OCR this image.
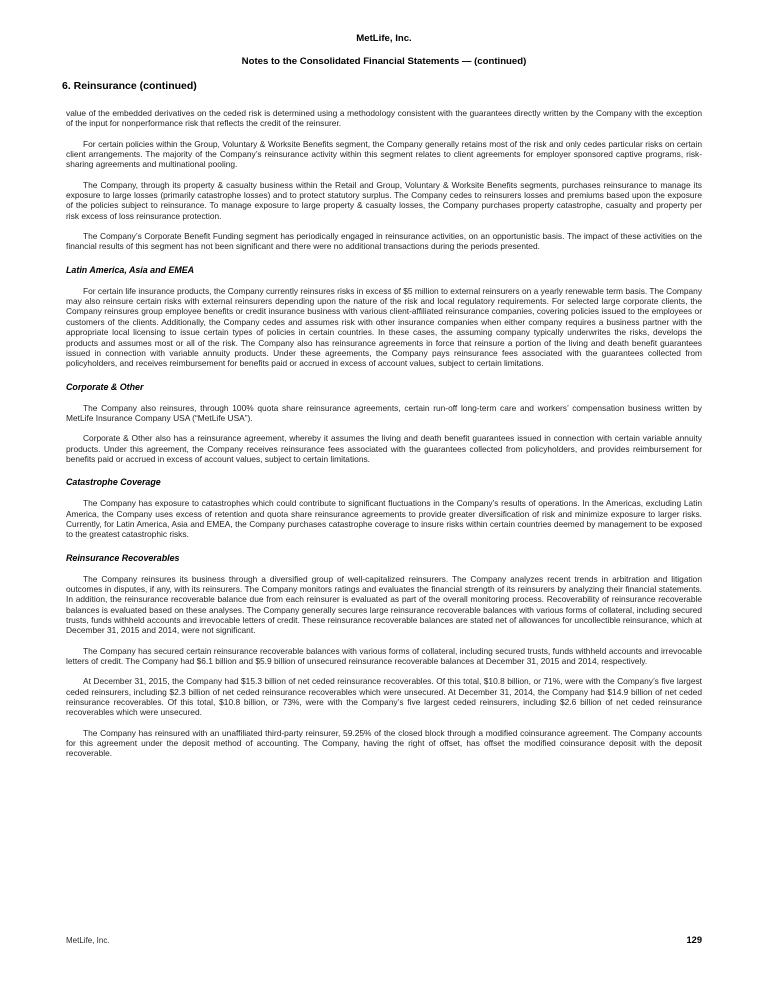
MetLife, Inc.
Notes to the Consolidated Financial Statements — (continued)
6. Reinsurance (continued)

value of the embedded derivatives on the ceded risk is determined using a methodology consistent with the guarantees directly written by the Company with the exception of the input for nonperformance risk that reflects the credit of the reinsurer.

For certain policies within the Group, Voluntary & Worksite Benefits segment, the Company generally retains most of the risk and only cedes particular risks on certain client arrangements. The majority of the Company’s reinsurance activity within this segment relates to client agreements for employer sponsored captive programs, risk-sharing agreements and multinational pooling.

The Company, through its property & casualty business within the Retail and Group, Voluntary & Worksite Benefits segments, purchases reinsurance to manage its exposure to large losses (primarily catastrophe losses) and to protect statutory surplus. The Company cedes to reinsurers losses and premiums based upon the exposure of the policies subject to reinsurance. To manage exposure to large property & casualty losses, the Company purchases property catastrophe, casualty and property per risk excess of loss reinsurance protection.

The Company’s Corporate Benefit Funding segment has periodically engaged in reinsurance activities, on an opportunistic basis. The impact of these activities on the financial results of this segment has not been significant and there were no additional transactions during the periods presented.

Latin America, Asia and EMEA

For certain life insurance products, the Company currently reinsures risks in excess of $5 million to external reinsurers on a yearly renewable term basis. The Company may also reinsure certain risks with external reinsurers depending upon the nature of the risk and local regulatory requirements. For selected large corporate clients, the Company reinsures group employee benefits or credit insurance business with various client-affiliated reinsurance companies, covering policies issued to the employees or customers of the clients. Additionally, the Company cedes and assumes risk with other insurance companies when either company requires a business partner with the appropriate local licensing to issue certain types of policies in certain countries. In these cases, the assuming company typically underwrites the risks, develops the products and assumes most or all of the risk. The Company also has reinsurance agreements in force that reinsure a portion of the living and death benefit guarantees issued in connection with variable annuity products. Under these agreements, the Company pays reinsurance fees associated with the guarantees collected from policyholders, and receives reimbursement for benefits paid or accrued in excess of account values, subject to certain limitations.

Corporate & Other

The Company also reinsures, through 100% quota share reinsurance agreements, certain run-off long-term care and workers’ compensation business written by MetLife Insurance Company USA (“MetLife USA”).

Corporate & Other also has a reinsurance agreement, whereby it assumes the living and death benefit guarantees issued in connection with certain variable annuity products. Under this agreement, the Company receives reinsurance fees associated with the guarantees collected from policyholders, and provides reimbursement for benefits paid or accrued in excess of account values, subject to certain limitations.

Catastrophe Coverage

The Company has exposure to catastrophes which could contribute to significant fluctuations in the Company’s results of operations. In the Americas, excluding Latin America, the Company uses excess of retention and quota share reinsurance agreements to provide greater diversification of risk and minimize exposure to larger risks. Currently, for Latin America, Asia and EMEA, the Company purchases catastrophe coverage to insure risks within certain countries deemed by management to be exposed to the greatest catastrophic risks.

Reinsurance Recoverables

The Company reinsures its business through a diversified group of well-capitalized reinsurers. The Company analyzes recent trends in arbitration and litigation outcomes in disputes, if any, with its reinsurers. The Company monitors ratings and evaluates the financial strength of its reinsurers by analyzing their financial statements. In addition, the reinsurance recoverable balance due from each reinsurer is evaluated as part of the overall monitoring process. Recoverability of reinsurance recoverable balances is evaluated based on these analyses. The Company generally secures large reinsurance recoverable balances with various forms of collateral, including secured trusts, funds withheld accounts and irrevocable letters of credit. These reinsurance recoverable balances are stated net of allowances for uncollectible reinsurance, which at December 31, 2015 and 2014, were not significant.

The Company has secured certain reinsurance recoverable balances with various forms of collateral, including secured trusts, funds withheld accounts and irrevocable letters of credit. The Company had $6.1 billion and $5.9 billion of unsecured reinsurance recoverable balances at December 31, 2015 and 2014, respectively.

At December 31, 2015, the Company had $15.3 billion of net ceded reinsurance recoverables. Of this total, $10.8 billion, or 71%, were with the Company’s five largest ceded reinsurers, including $2.3 billion of net ceded reinsurance recoverables which were unsecured. At December 31, 2014, the Company had $14.9 billion of net ceded reinsurance recoverables. Of this total, $10.8 billion, or 73%, were with the Company’s five largest ceded reinsurers, including $2.6 billion of net ceded reinsurance recoverables which were unsecured.

The Company has reinsured with an unaffiliated third-party reinsurer, 59.25% of the closed block through a modified coinsurance agreement. The Company accounts for this agreement under the deposit method of accounting. The Company, having the right of offset, has offset the modified coinsurance deposit with the deposit recoverable.

MetLife, Inc.	129
